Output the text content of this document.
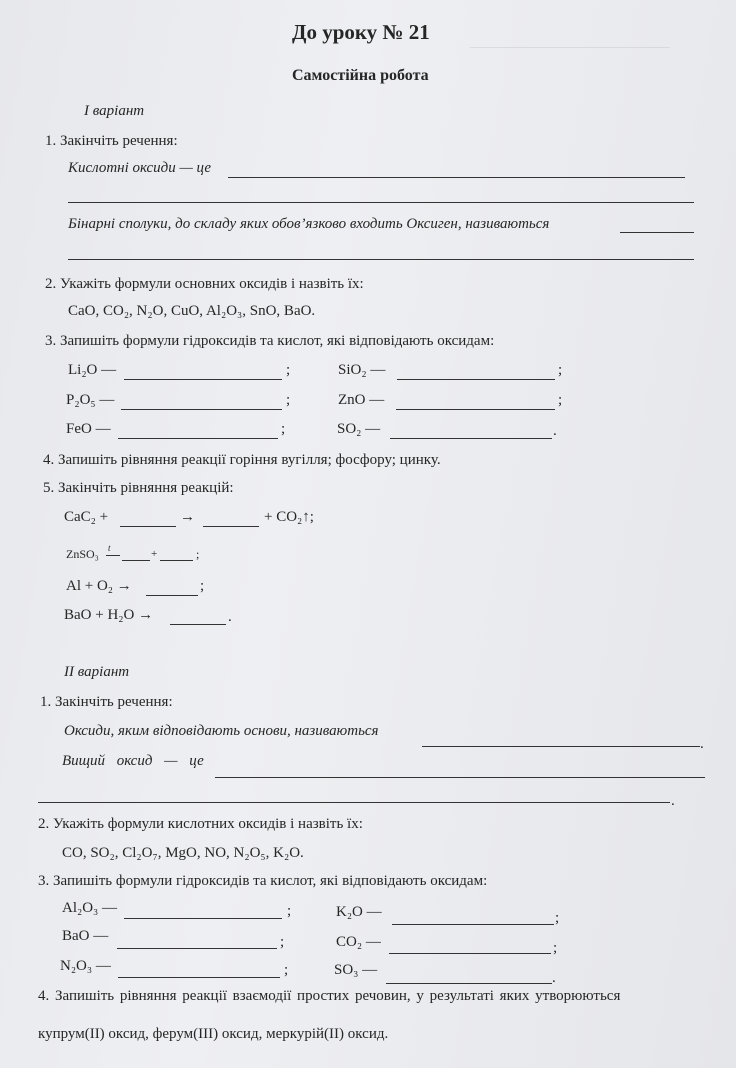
До уроку № 21
Самостійна робота
І варіант
1. Закінчіть речення:
Кислотні оксиди — це
Бінарні сполуки, до складу яких обов’язково входить Оксиген, називаються
2. Укажіть формули основних оксидів і назвіть їх:
CaO, CO₂, N₂O, CuO, Al₂O₃, SnO, BaO.
3. Запишіть формули гідроксидів та кислот, які відповідають оксидам:
Li₂O —	;	SiO₂ —	;
P₂O₅ —	;	ZnO —	;
FeO —	;	SO₂ —	.
4. Запишіть рівняння реакції горіння вугілля; фосфору; цинку.
5. Закінчіть рівняння реакцій:
CaC₂ +	→	+ CO₂↑;
ZnSO₃ t	+	;
Al + O₂ →	;
BaO + H₂O →	.
ІІ варіант
1. Закінчіть речення:
Оксиди, яким відповідають основи, називаються
.
Вищий оксид — це
.
2. Укажіть формули кислотних оксидів і назвіть їх:
CO, SO₂, Cl₂O₇, MgO, NO, N₂O₅, K₂O.
3. Запишіть формули гідроксидів та кислот, які відповідають оксидам:
Al₂O₃ —	;	K₂O —	;
BaO —	;	CO₂ —	;
N₂O₃ —	;	SO₃ —	.
4. Запишіть рівняння реакції взаємодії простих речовин, у результаті яких утворюються
купрум(ІІ) оксид, ферум(ІІІ) оксид, меркурій(ІІ) оксид.
